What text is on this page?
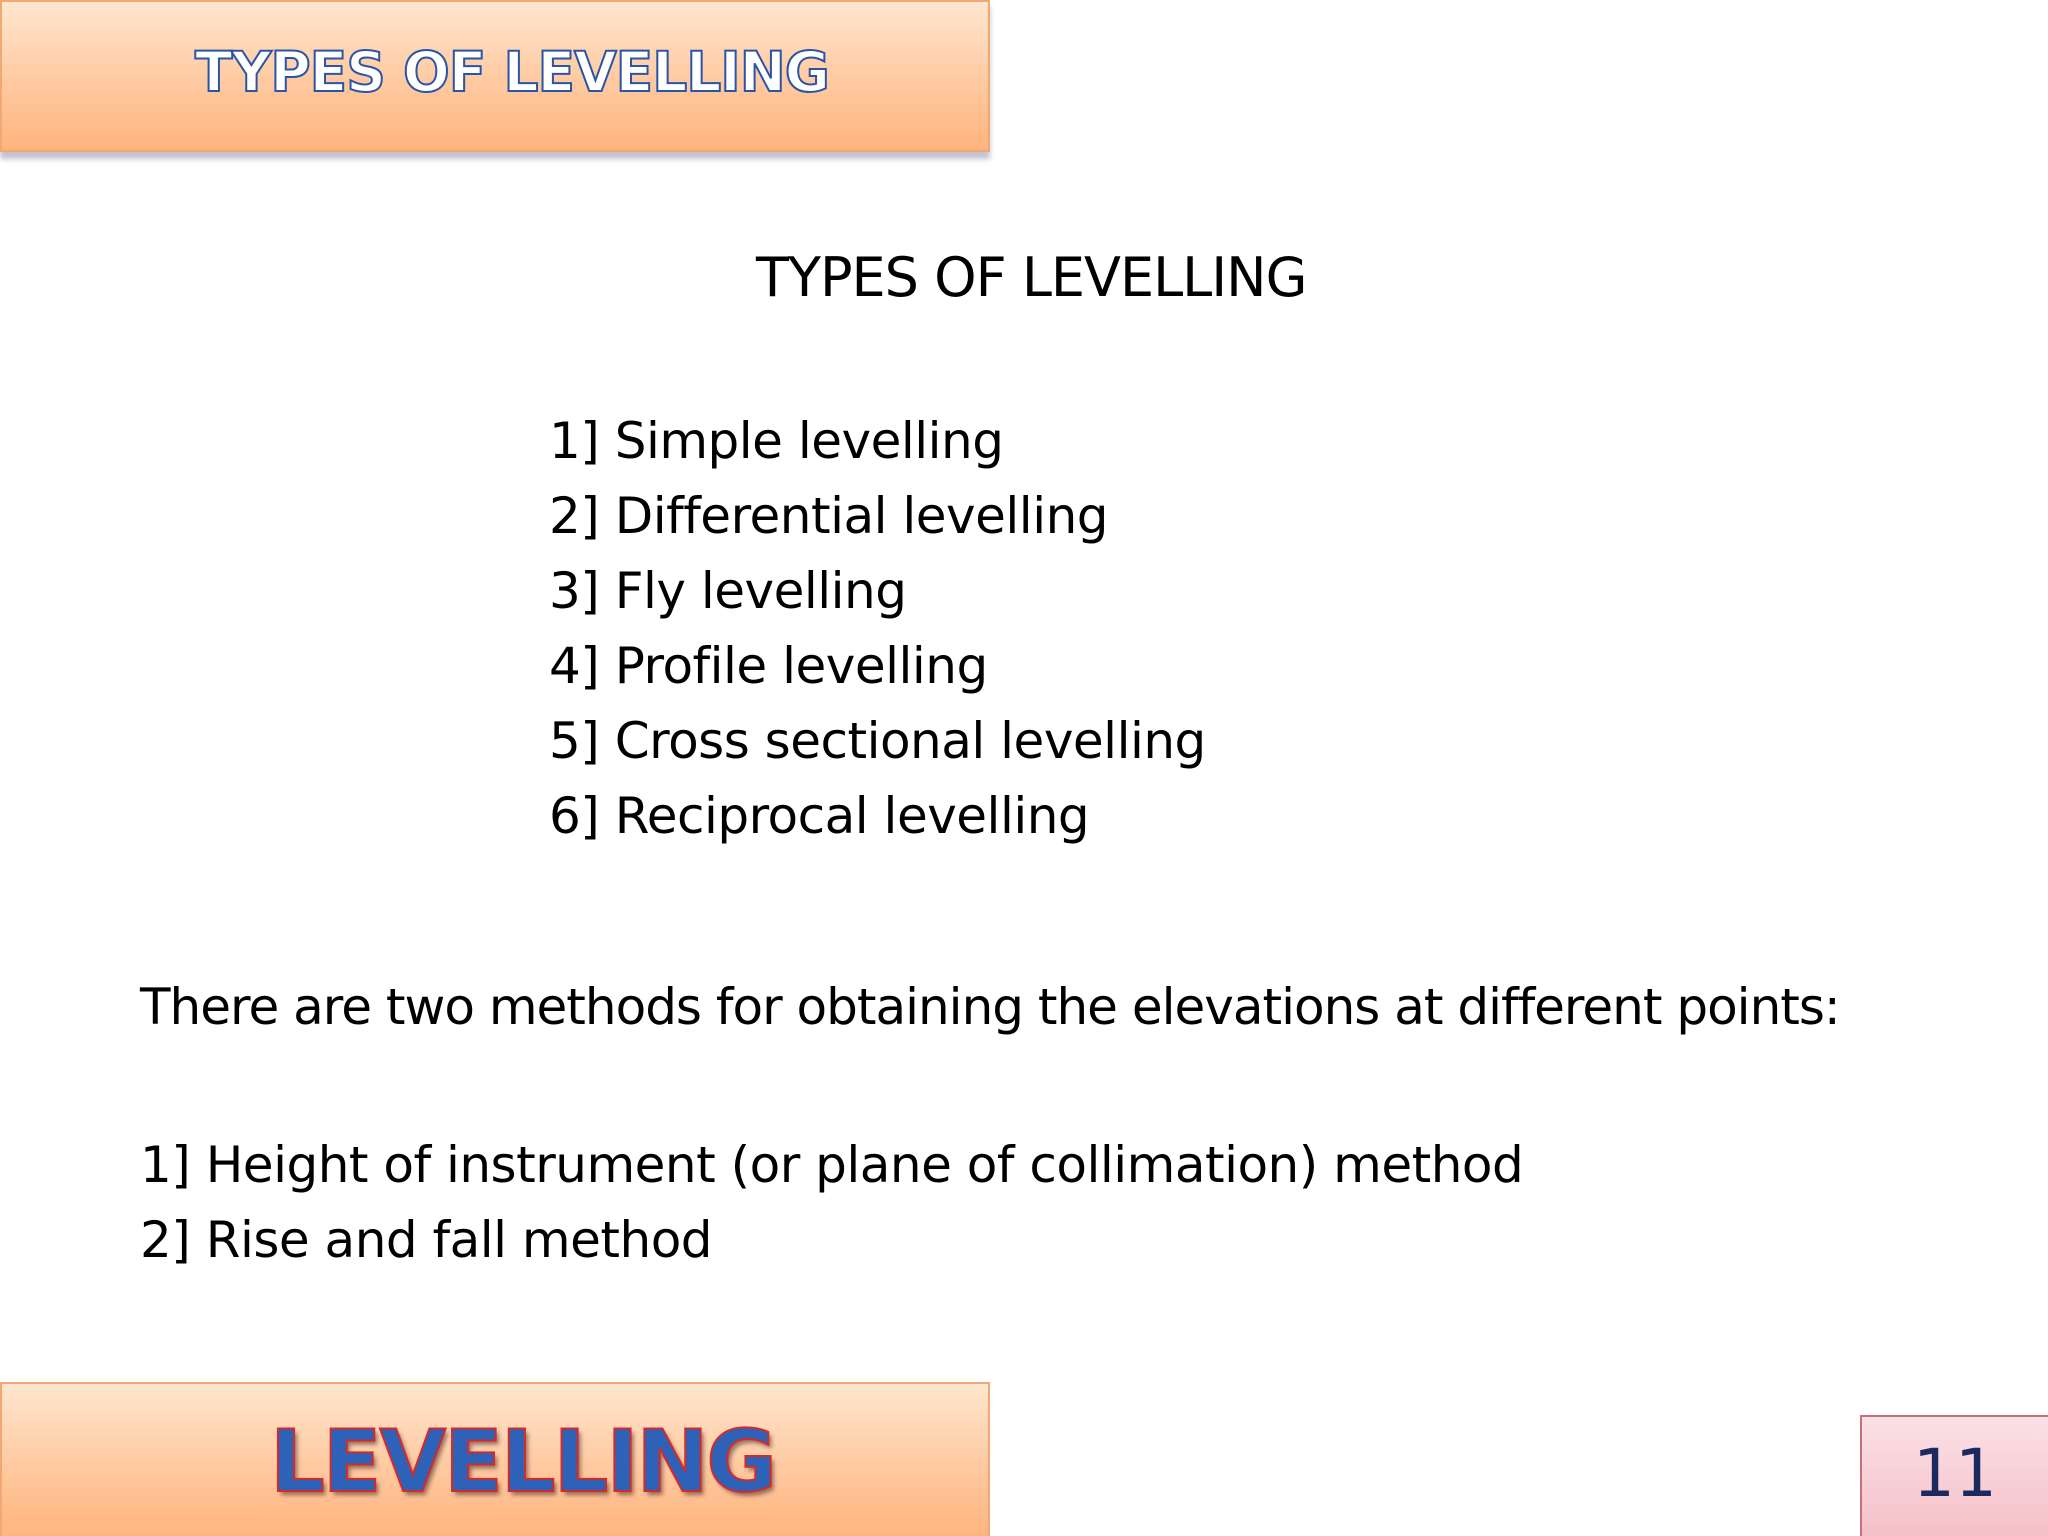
TYPES OF LEVELLING
TYPES OF LEVELLING
1] Simple levelling
2] Differential levelling
3] Fly levelling
4] Profile levelling
5] Cross sectional levelling
6] Reciprocal levelling
There are two methods for obtaining the elevations at different points:
1] Height of instrument (or plane of collimation) method
2] Rise and fall method
LEVELLING	11
